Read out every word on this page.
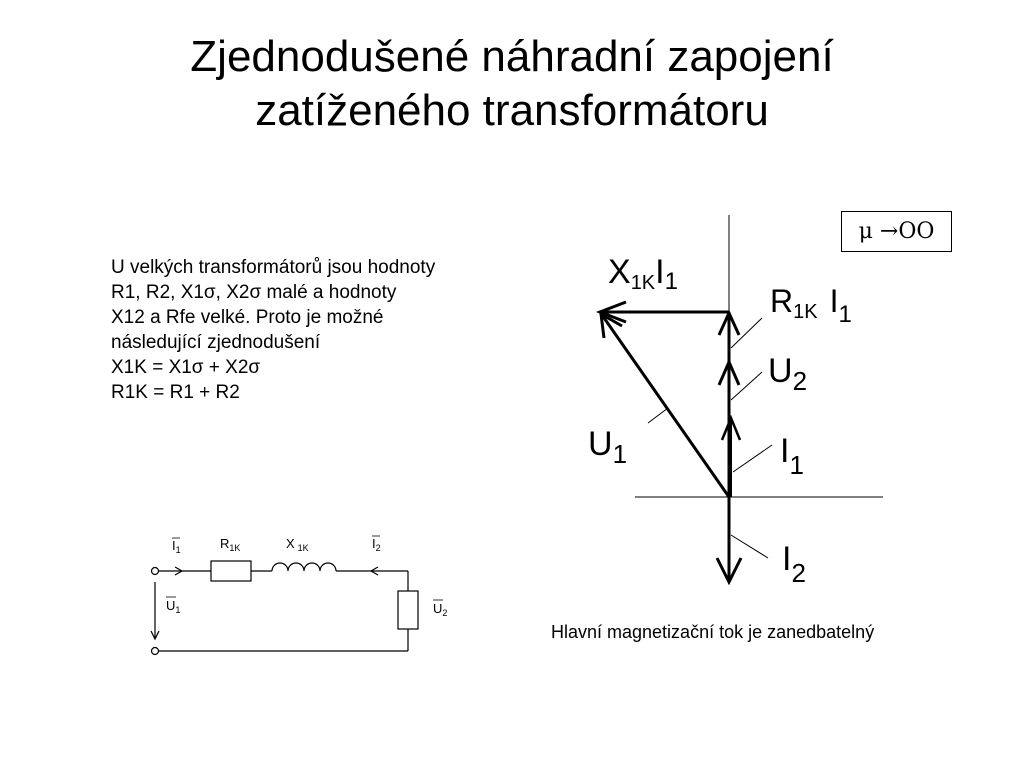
Zjednodušené náhradní zapojení
zatíženého transformátoru
U velkých transformátorů jsou hodnoty
R1, R2, X1σ, X2σ malé a hodnoty
X12 a Rfe velké. Proto je možné
následující zjednodušení
X1K = X1σ + X2σ
R1K = R1 + R2
μ →OO
X1KI1
R1K $I_1$
$U_2$
$U_1$	$I_1$
$I_2$
Hlavní magnetizační tok je zanedbatelný
$I_1$	$R_{1K}$	X $_{1K}$	$I_2$
$U_1$	$U_2$
